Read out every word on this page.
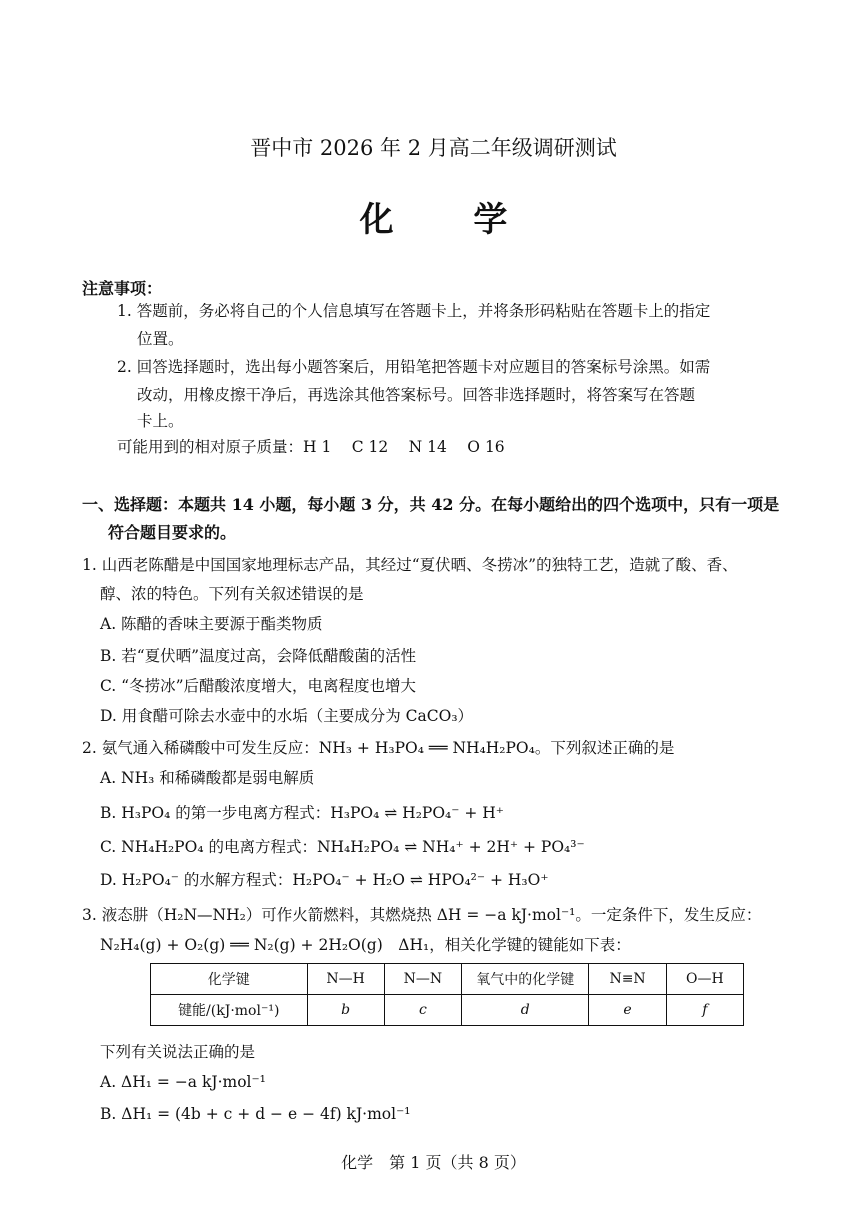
晋中市 2026 年 2 月高二年级调研测试
化 学
注意事项：
1. 答题前，务必将自己的个人信息填写在答题卡上，并将条形码粘贴在答题卡上的指定
位置。
2. 回答选择题时，选出每小题答案后，用铅笔把答题卡对应题目的答案标号涂黑。如需
改动，用橡皮擦干净后，再选涂其他答案标号。回答非选择题时，将答案写在答题
卡上。
可能用到的相对原子质量：H 1　 C 12　 N 14　 O 16
一、选择题：本题共 14 小题，每小题 3 分，共 42 分。在每小题给出的四个选项中，只有一项是
符合题目要求的。
1. 山西老陈醋是中国国家地理标志产品，其经过“夏伏晒、冬捞冰”的独特工艺，造就了酸、香、
醇、浓的特色。下列有关叙述错误的是
A. 陈醋的香味主要源于酯类物质
B. 若“夏伏晒”温度过高，会降低醋酸菌的活性
C. “冬捞冰”后醋酸浓度增大，电离程度也增大
D. 用食醋可除去水壶中的水垢（主要成分为 CaCO₃）
2. 氨气通入稀磷酸中可发生反应：NH₃ + H₃PO₄ ══ NH₄H₂PO₄。下列叙述正确的是
A. NH₃ 和稀磷酸都是弱电解质
B. H₃PO₄ 的第一步电离方程式：H₃PO₄ ⇌ H₂PO₄⁻ + H⁺
C. NH₄H₂PO₄ 的电离方程式：NH₄H₂PO₄ ⇌ NH₄⁺ + 2H⁺ + PO₄³⁻
D. H₂PO₄⁻ 的水解方程式：H₂PO₄⁻ + H₂O ⇌ HPO₄²⁻ + H₃O⁺
3. 液态肼（H₂N—NH₂）可作火箭燃料，其燃烧热 ΔH = −a kJ·mol⁻¹。一定条件下，发生反应：
N₂H₄(g) + O₂(g) ══ N₂(g) + 2H₂O(g)　ΔH₁，相关化学键的键能如下表：
化学键	N—H	N—N	氧气中的化学键	N≡N	O—H
键能/(kJ·mol⁻¹)	b	c	d	e	f
下列有关说法正确的是
A. ΔH₁ = −a kJ·mol⁻¹
B. ΔH₁ = (4b + c + d − e − 4f) kJ·mol⁻¹
化学　第 1 页（共 8 页）
